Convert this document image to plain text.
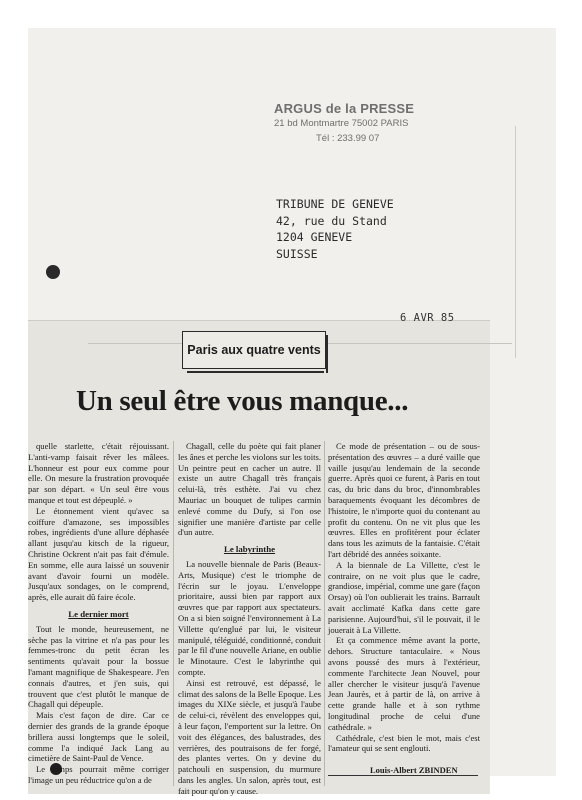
ARGUS de la PRESSE
21 bd Montmartre 75002 PARIS
Tél : 233.99 07
TRIBUNE DE GENEVE
42, rue du Stand
1204 GENEVE
SUISSE
6 AVR 85
Paris aux quatre vents
Un seul être vous manque...

quelle starlette, c'était réjouissant. L'anti-vamp faisait rêver les mâlees. L'honneur est pour eux comme pour elle. On mesure la frustration provoquée par son départ. « Un seul être vous manque et tout est dépeuplé. »

Le étonnement vient qu'avec sa coiffure d'amazone, ses impossibles robes, ingrédients d'une allure déphasée allant jusqu'au kitsch de la rigueur, Christine Ockrent n'ait pas fait d'émule. En somme, elle aura laissé un souvenir avant d'avoir fourni un modèle. Jusqu'aux sondages, on le comprend, après, elle aurait dû faire école.

Le dernier mort

Tout le monde, heureusement, ne sèche pas la vitrine et n'a pas pour les femmes-tronc du petit écran les sentiments qu'avait pour la bossue l'amant magnifique de Shakespeare. J'en connais d'autres, et j'en suis, qui trouvent que c'est plutôt le manque de Chagall qui dépeuple.

Mais c'est façon de dire. Car ce dernier des grands de la grande époque brillera aussi longtemps que le soleil, comme l'a indiqué Jack Lang au cimetière de Saint-Paul de Vence.

Le temps pourrait même corriger l'image un peu réductrice qu'on a de

Chagall, celle du poète qui fait planer les ânes et perche les violons sur les toits. Un peintre peut en cacher un autre. Il existe un autre Chagall très français celui-là, très esthète. J'ai vu chez Mauriac un bouquet de tulipes carmin enlevé comme du Dufy, si l'on ose signifier une manière d'artiste par celle d'un autre.

Le labyrinthe

La nouvelle biennale de Paris (Beaux-Arts, Musique) c'est le triomphe de l'écrin sur le joyau. L'enveloppe prioritaire, aussi bien par rapport aux œuvres que par rapport aux spectateurs. On a si bien soigné l'environnement à La Villette qu'englué par lui, le visiteur manipulé, téléguidé, conditionné, conduit par le fil d'une nouvelle Ariane, en oublie le Minotaure. C'est le labyrinthe qui compte.

Ainsi est retrouvé, est dépassé, le climat des salons de la Belle Epoque. Les images du XIXe siècle, et jusqu'à l'aube de celui-ci, révèlent des enveloppes qui, à leur façon, l'emportent sur la lettre. On voit des élégances, des balustrades, des verrières, des poutraisons de fer forgé, des plantes vertes. On y devine du patchouli en suspension, du murmure dans les angles. Un salon, après tout, est fait pour qu'on y cause.

Ce mode de présentation – ou de sous-présentation des œuvres – a duré vaille que vaille jusqu'au lendemain de la seconde guerre. Après quoi ce furent, à Paris en tout cas, du bric dans du broc, d'innombrables baraquements évoquant les décombres de l'histoire, le n'importe quoi du contenant au profit du contenu. On ne vit plus que les œuvres. Elles en profitèrent pour éclater dans tous les azimuts de la fantaisie. C'était l'art débridé des années soixante.

A la biennale de La Villette, c'est le contraire, on ne voit plus que le cadre, grandiose, impérial, comme une gare (façon Orsay) où l'on oublierait les trains. Barrault avait acclimaté Kafka dans cette gare parisienne. Aujourd'hui, s'il le pouvait, il le jouerait à La Villette.

Et ça commence même avant la porte, dehors. Structure tantaculaire. « Nous avons poussé des murs à l'extérieur, commente l'architecte Jean Nouvel, pour aller chercher le visiteur jusqu'à l'avenue Jean Jaurès, et à partir de là, on arrive à cette grande halle et à son rythme longitudinal proche de celui d'une cathédrale. »

Cathédrale, c'est bien le mot, mais c'est l'amateur qui se sent englouti.

Louis-Albert ZBINDEN
